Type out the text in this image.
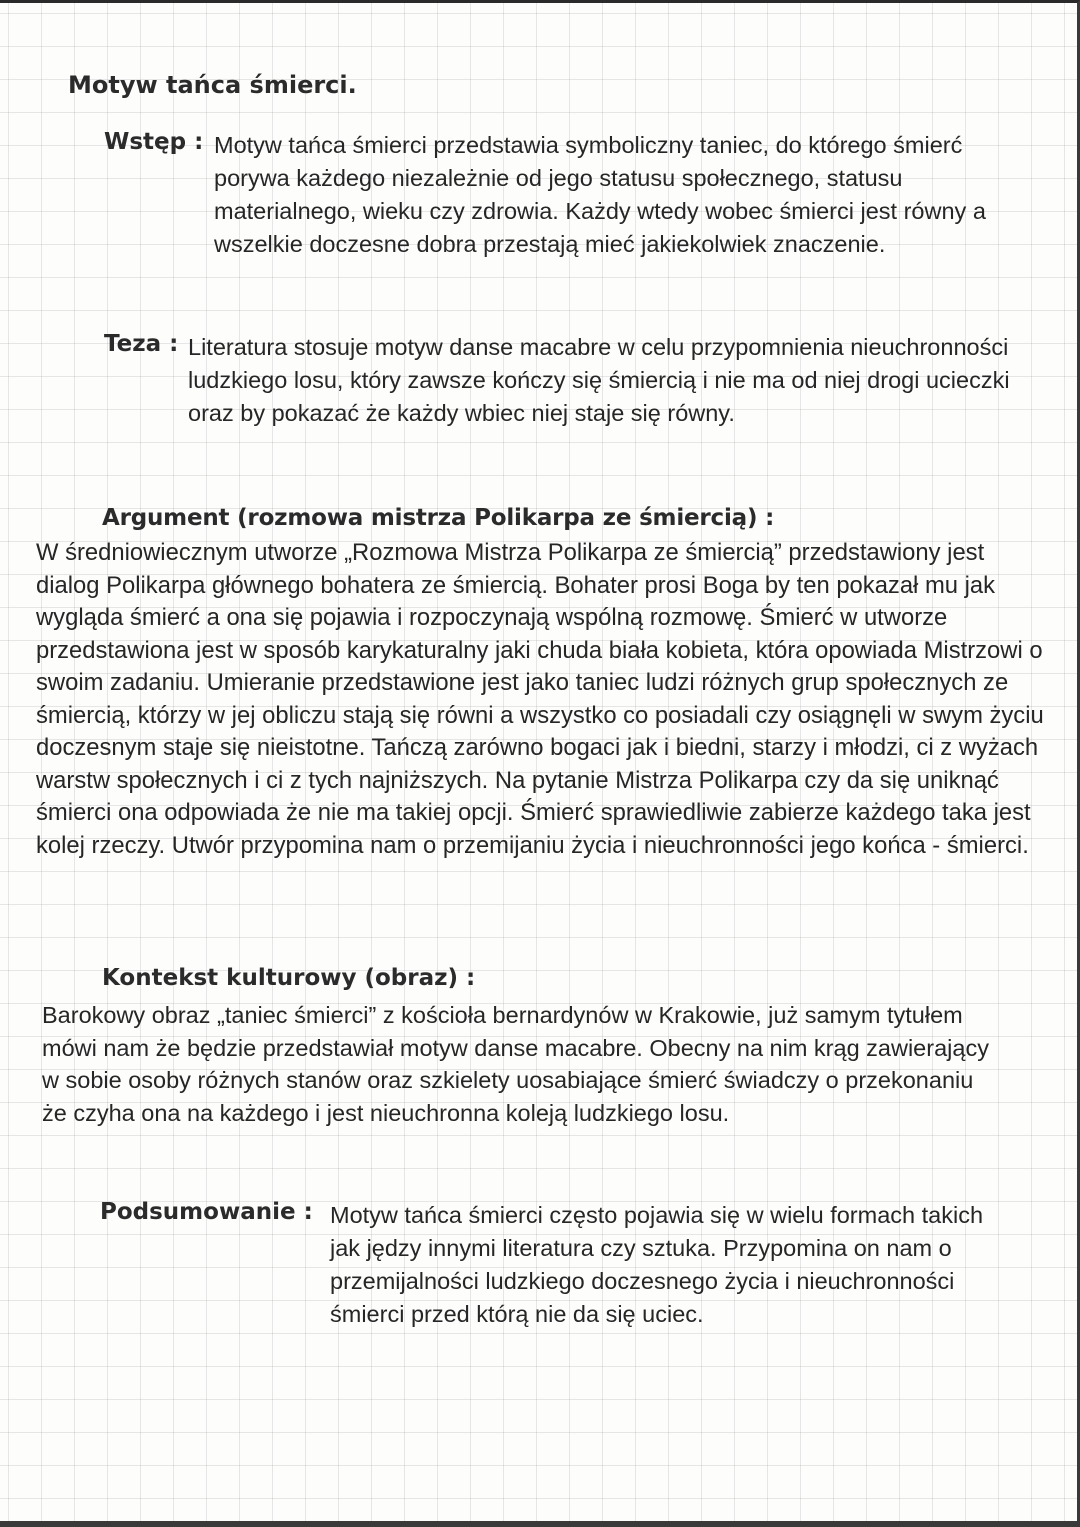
Motyw tańca śmierci.
Wstęp : Motyw tańca śmierci przedstawia symboliczny taniec, do którego śmierć porywa każdego niezależnie od jego statusu społecznego, statusu materialnego, wieku czy zdrowia. Każdy wtedy wobec śmierci jest równy a wszelkie doczesne dobra przestają mieć jakiekolwiek znaczenie.

Teza : Literatura stosuje motyw danse macabre w celu przypomnienia nieuchronności ludzkiego losu, który zawsze kończy się śmiercią i nie ma od niej drogi ucieczki oraz by pokazać że każdy wbiec niej staje się równy.

Argument (rozmowa mistrza Polikarpa ze śmiercią) :

W średniowiecznym utworze „Rozmowa Mistrza Polikarpa ze śmiercią” przedstawiony jest dialog Polikarpa głównego bohatera ze śmiercią. Bohater prosi Boga by ten pokazał mu jak wygląda śmierć a ona się pojawia i rozpoczynają wspólną rozmowę. Śmierć w utworze przedstawiona jest w sposób karykaturalny jaki chuda biała kobieta, która opowiada Mistrzowi o swoim zadaniu. Umieranie przedstawione jest jako taniec ludzi różnych grup społecznych ze śmiercią, którzy w jej obliczu stają się równi a wszystko co posiadali czy osiągnęli w swym życiu doczesnym staje się nieistotne. Tańczą zarówno bogaci jak i biedni, starzy i młodzi, ci z wyżach warstw społecznych i ci z tych najniższych. Na pytanie Mistrza Polikarpa czy da się uniknąć śmierci ona odpowiada że nie ma takiej opcji. Śmierć sprawiedliwie zabierze każdego taka jest kolej rzeczy. Utwór przypomina nam o przemijaniu życia i nieuchronności jego końca - śmierci.

Kontekst kulturowy (obraz) :

Barokowy obraz „taniec śmierci” z kościoła bernardynów w Krakowie, już samym tytułem mówi nam że będzie przedstawiał motyw danse macabre. Obecny na nim krąg zawierający w sobie osoby różnych stanów oraz szkielety uosabiające śmierć świadczy o przekonaniu że czyha ona na każdego i jest nieuchronna koleją ludzkiego losu.

Podsumowanie : Motyw tańca śmierci często pojawia się w wielu formach takich jak jędzy innymi literatura czy sztuka. Przypomina on nam o przemijalności ludzkiego doczesnego życia i nieuchronności śmierci przed którą nie da się uciec.
